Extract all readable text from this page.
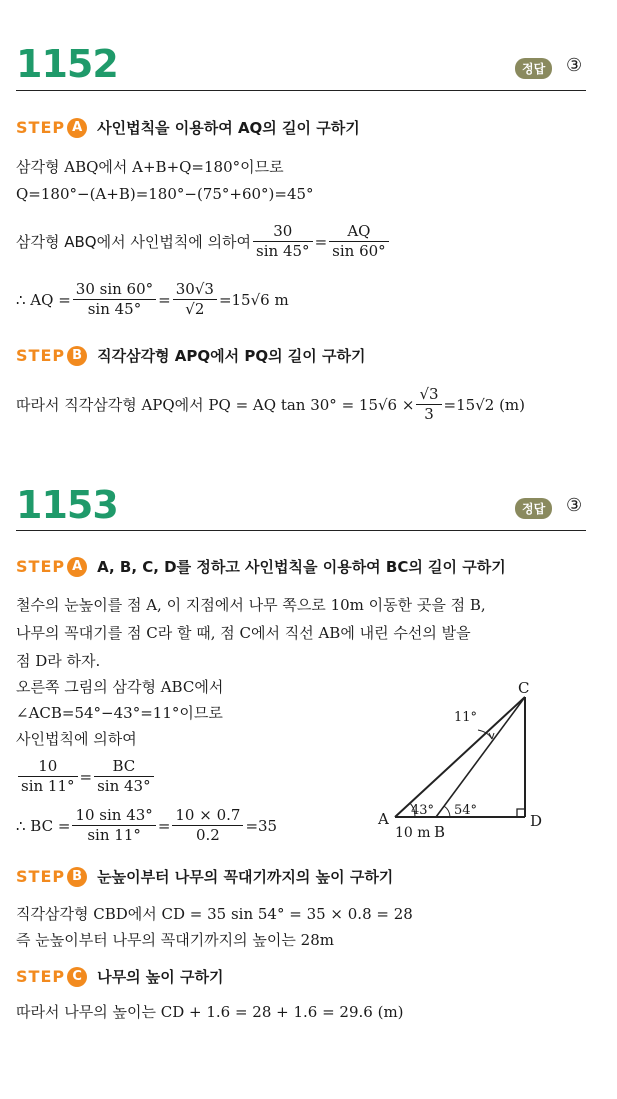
1152	정답	③
STEP A 사인법칙을 이용하여 AQ의 길이 구하기
삼각형 ABQ에서 A+B+Q=180°이므로
Q=180°−(A+B)=180°−(75°+60°)=45°
삼각형 ABQ에서 사인법칙에 의하여 $\frac{30}{\sin 45^\circ} = \frac{AQ}{\sin 60^\circ}$
∴ AQ = $\frac{30 \sin 60^\circ}{\sin 45^\circ} = \frac{30√3}{√2} =15√6$ m
STEP B	직각삼각형 APQ에서 PQ의 길이 구하기
따라서 직각삼각형 APQ에서 PQ = AQ $\tan 30^\circ = 15√6 \times \frac{√3}{3} =15√2$ (m)
1153	정답	③
STEP A A, B, C, D를 정하고 사인법칙을 이용하여 BC의 길이 구하기
철수의 눈높이를 점 A, 이 지점에서 나무 쪽으로 10m 이동한 곳을 점 B,
나무의 꼭대기를 점 C라 할 때, 점 C에서 직선 AB에 내린 수선의 발을
점 D라 하자.
오른쪽 그림의 삼각형 ABC에서
∠ACB=54°−43°=11°이므로
사인법칙에 의하여
$\frac{10}{\sin 11^\circ} = \frac{BC}{\sin 43^\circ}$
∴ BC = $\frac{10 \sin 43^\circ}{\sin 11^\circ} = \frac{10 \times 0.7}{0.2} =35$
C
A	D
B
11°
43° 54°
10 m
STEP B	눈높이부터 나무의 꼭대기까지의 높이 구하기
직각삼각형 CBD에서 CD = 35 sin 54° = 35 × 0.8 = 28
즉 눈높이부터 나무의 꼭대기까지의 높이는 28m
STEP C	나무의 높이 구하기
따라서 나무의 높이는 CD + 1.6 = 28 + 1.6 = 29.6 (m)
